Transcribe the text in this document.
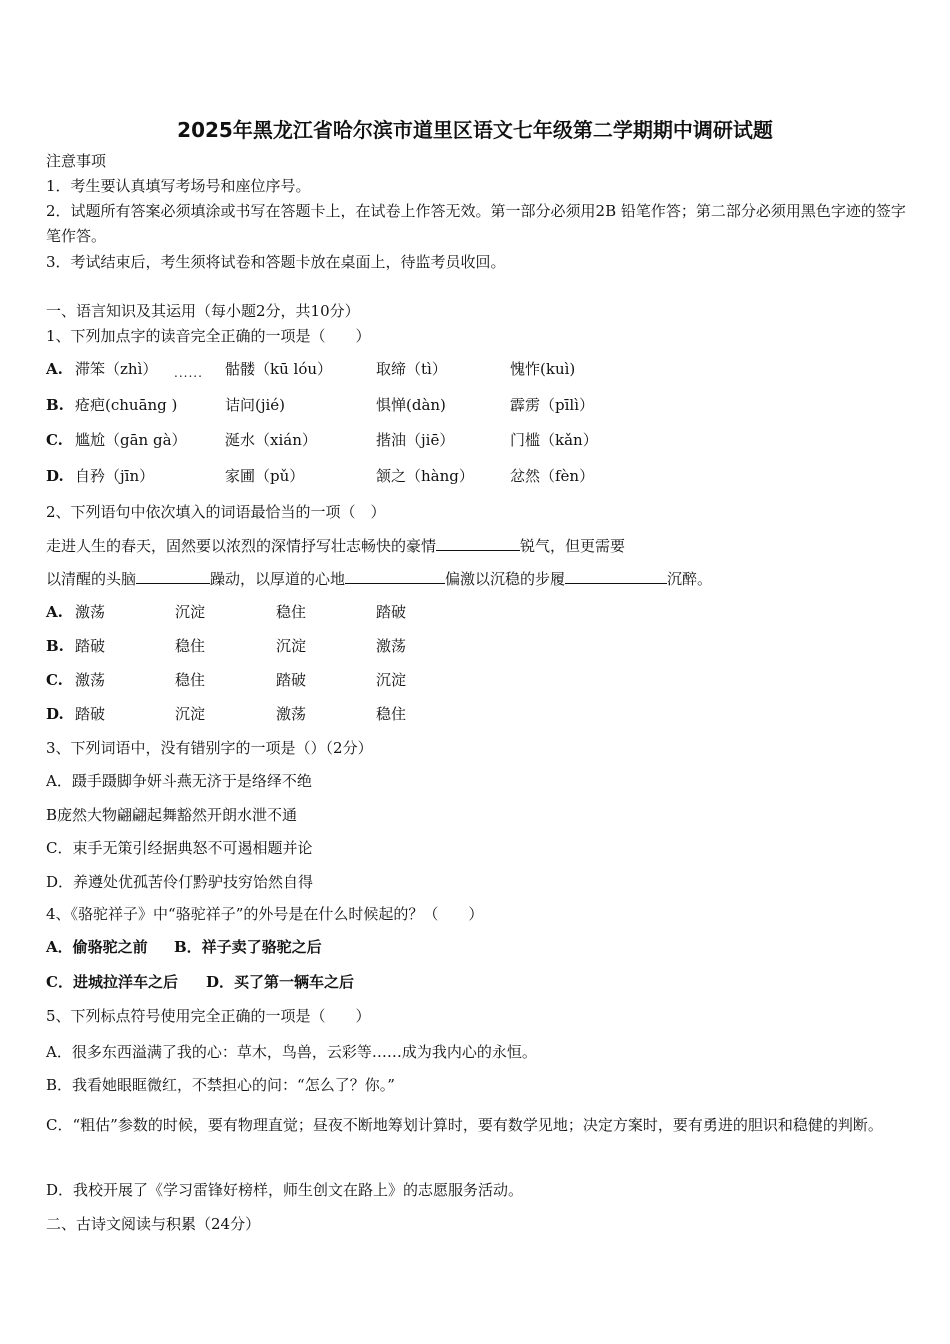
2025年黑龙江省哈尔滨市道里区语文七年级第二学期期中调研试题
注意事项
1．考生要认真填写考场号和座位序号。
2．试题所有答案必须填涂或书写在答题卡上，在试卷上作答无效。第一部分必须用2B 铅笔作答；第二部分必须用黑色字迹的签字笔作答。
3．考试结束后，考生须将试卷和答题卡放在桌面上，待监考员收回。
一、语言知识及其运用（每小题2分，共10分）
1、下列加点字的读音完全正确的一项是（　　）
A. 滞笨（zhì）	骷髅（kū lóu）	取缔（tì）	愧怍(kuì)
......
B. 疮疤(chuāng )	诘问(jié)	惧惮(dàn)	霹雳（pīlì）
C. 尴尬（gān gà）	涎水（xián）	揩油（jiē）	门槛（kǎn）
D. 自矜（jīn）	家圃（pǔ）	颔之（hàng） 忿然（fèn）
2、下列语句中依次填入的词语最恰当的一项（　）
走进人生的春天，固然要以浓烈的深情抒写壮志畅快的豪情	锐气，但更需要
以清醒的头脑	躁动，以厚道的心地	偏激以沉稳的步履	沉醉。
A. 激荡	沉淀	稳住	踏破
B. 踏破	稳住	沉淀	激荡
C. 激荡	稳住	踏破	沉淀
D. 踏破	沉淀	激荡	稳住
3、下列词语中，没有错别字的一项是（）（2分）
A．蹑手蹑脚争妍斗燕无济于是络绎不绝
B庞然大物翩翩起舞豁然开朗水泄不通
C．束手无策引经据典怒不可遏相题并论
D．养遵处优孤苦伶仃黔驴技穷饴然自得
4、《骆驼祥子》中“骆驼祥子”的外号是在什么时候起的？（　　）
A．偷骆驼之前 B．祥子卖了骆驼之后
C．进城拉洋车之后 D．买了第一辆车之后
5、下列标点符号使用完全正确的一项是（　　）
A．很多东西溢满了我的心：草木，鸟兽，云彩等……成为我内心的永恒。
B．我看她眼眶微红，不禁担心的问：“怎么了？你。”
C．“粗估”参数的时候，要有物理直觉；昼夜不断地筹划计算时，要有数学见地；决定方案时，要有勇进的胆识和稳健的判断。
D．我校开展了《学习雷锋好榜样，师生创文在路上》的志愿服务活动。
二、古诗文阅读与积累（24分）
